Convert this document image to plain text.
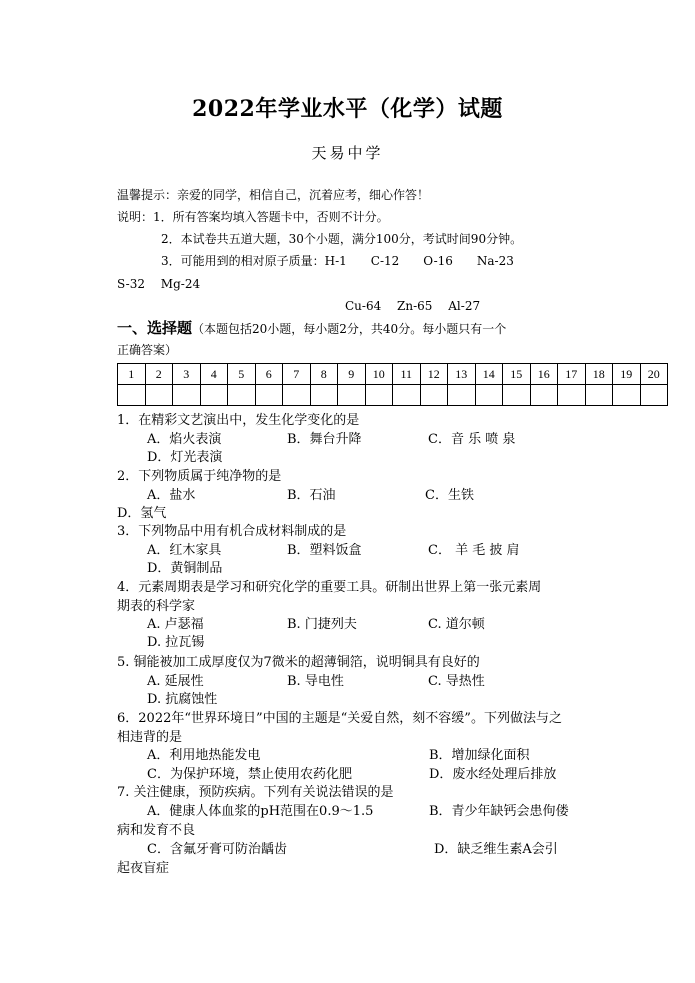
2022年学业水平（化学）试题
天易中学
温馨提示：亲爱的同学，相信自己，沉着应考，细心作答！
说明：1．所有答案均填入答题卡中，否则不计分。
2．本试卷共五道大题，30个小题，满分100分，考试时间90分钟。
3．可能用到的相对原子质量：H-1　　C-12　　O-16　　Na-23
S-32　 Mg-24
Cu-64　 Zn-65　 Al-27
一、选择题（本题包括20小题，每小题2分，共40分。每小题只有一个
正确答案）
1	2	3	4	5	6	7	8	9	10	11	12	13	14	15	16	17	18	19	20

1．在精彩文艺演出中，发生化学变化的是
A．焰火表演	B．舞台升降	C．音 乐 喷 泉
D．灯光表演
2．下列物质属于纯净物的是
A．盐水	B．石油	C．生铁
D．氢气
3．下列物品中用有机合成材料制成的是
A．红木家具	B．塑料饭盒	C． 羊 毛 披 肩
D．黄铜制品
4．元素周期表是学习和研究化学的重要工具。研制出世界上第一张元素周
期表的科学家
A. 卢瑟福	B. 门捷列夫	C. 道尔顿
D. 拉瓦锡
5. 铜能被加工成厚度仅为7微米的超薄铜箔，说明铜具有良好的
A. 延展性	B. 导电性	C. 导热性
D. 抗腐蚀性
6．2022年“世界环境日”中国的主题是“关爱自然，刻不容缓”。下列做法与之
相违背的是
A．利用地热能发电	B．增加绿化面积
C．为保护环境，禁止使用农药化肥	D．废水经处理后排放
7. 关注健康，预防疾病。下列有关说法错误的是
A．健康人体血浆的pH范围在0.9～1.5	B．青少年缺钙会患佝偻
病和发育不良
C．含氟牙膏可防治龋齿	D．缺乏维生素A会引
起夜盲症
